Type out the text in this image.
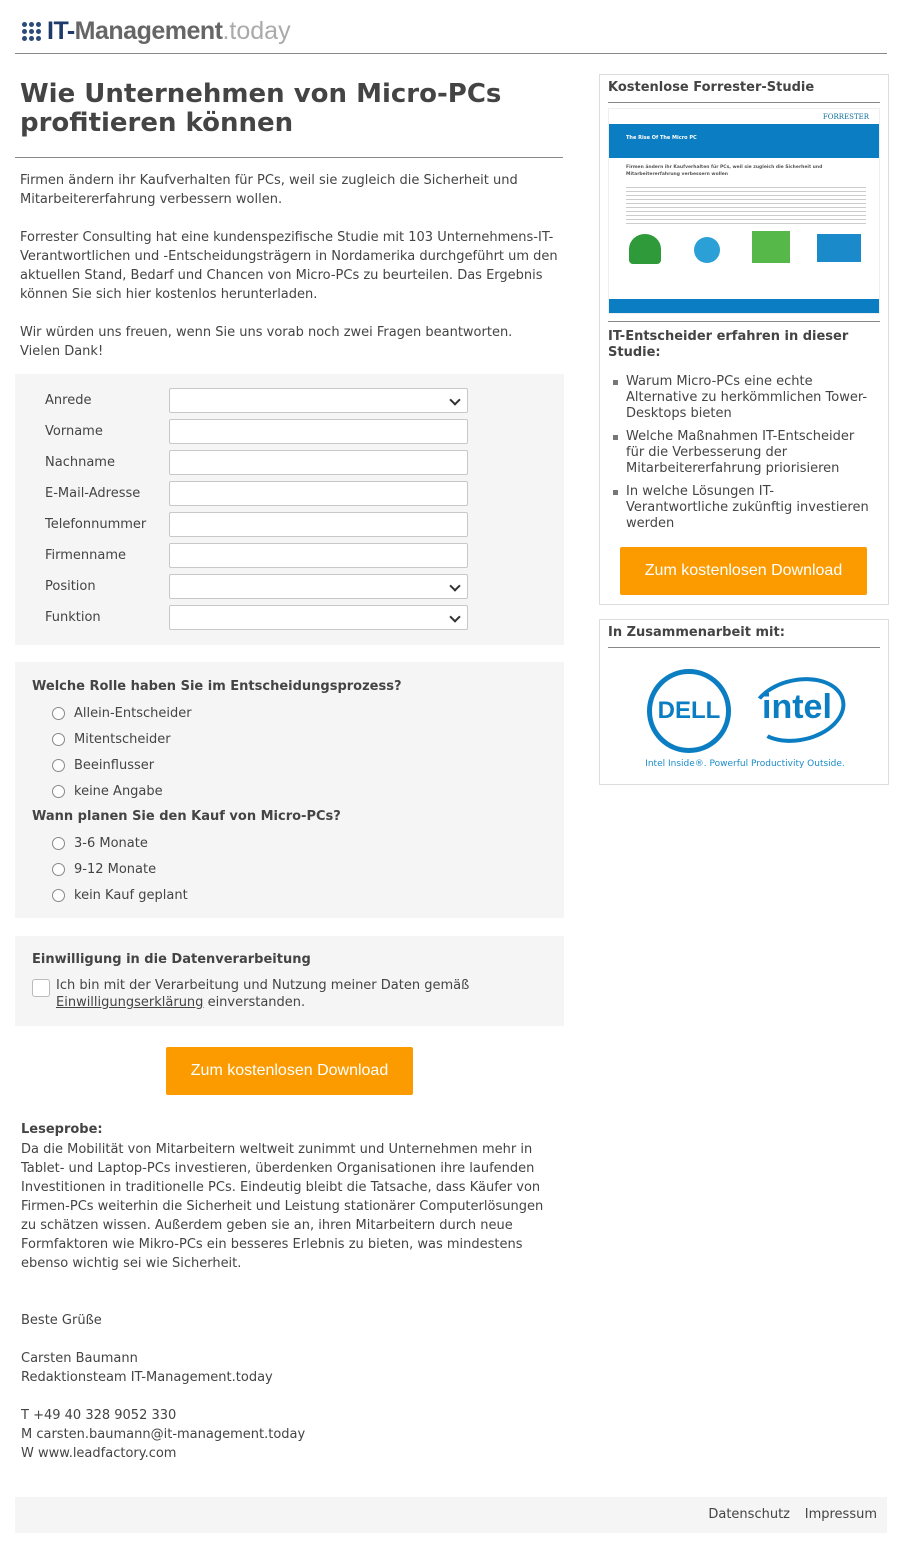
IT- Management .today
Wie Unternehmen von Micro-PCs profitieren können
Firmen ändern ihr Kaufverhalten für PCs, weil sie zugleich die Sicherheit und Mitarbeitererfahrung verbessern wollen.
Forrester Consulting hat eine kundenspezifische Studie mit 103 Unternehmens-IT-Verantwortlichen und -Entscheidungsträgern in Nordamerika durchgeführt um den aktuellen Stand, Bedarf und Chancen von Micro-PCs zu beurteilen. Das Ergebnis können Sie sich hier kostenlos herunterladen.
Wir würden uns freuen, wenn Sie uns vorab noch zwei Fragen beantworten. Vielen Dank!
Anrede
Vorname
Nachname
E-Mail-Adresse
Telefonnummer
Firmenname
Position
Funktion
Welche Rolle haben Sie im Entscheidungsprozess?
Allein-Entscheider
Mitentscheider
Beeinflusser
keine Angabe
Wann planen Sie den Kauf von Micro-PCs?
3-6 Monate
9-12 Monate
kein Kauf geplant
Einwilligung in die Datenverarbeitung
Ich bin mit der Verarbeitung und Nutzung meiner Daten gemäß Einwilligungserklärung einverstanden.
Zum kostenlosen Download
Leseprobe:
Da die Mobilität von Mitarbeitern weltweit zunimmt und Unternehmen mehr in Tablet- und Laptop-PCs investieren, überdenken Organisationen ihre laufenden Investitionen in traditionelle PCs. Eindeutig bleibt die Tatsache, dass Käufer von Firmen-PCs weiterhin die Sicherheit und Leistung stationärer Computerlösungen zu schätzen wissen. Außerdem geben sie an, ihren Mitarbeitern durch neue Formfaktoren wie Mikro-PCs ein besseres Erlebnis zu bieten, was mindestens ebenso wichtig sei wie Sicherheit.
Beste Grüße
Carsten Baumann
Redaktionsteam IT-Management.today
T +49 40 328 9052 330
M carsten.baumann@it-management.today
W www.leadfactory.com
Kostenlose Forrester-Studie
FORRESTER
The Rise Of The Micro PC
Firmen ändern ihr Kaufverhalten für PCs, weil sie zugleich die Sicherheit und Mitarbeitererfahrung verbessern wollen
IT-Entscheider erfahren in dieser Studie:
Warum Micro-PCs eine echte Alternative zu herkömmlichen Tower-Desktops bieten
Welche Maßnahmen IT-Entscheider für die Verbesserung der Mitarbeitererfahrung priorisieren
In welche Lösungen IT-Verantwortliche zukünftig investieren werden
Zum kostenlosen Download
In Zusammenarbeit mit:
DELL	intel
Intel Inside®. Powerful Productivity Outside.
Datenschutz Impressum
